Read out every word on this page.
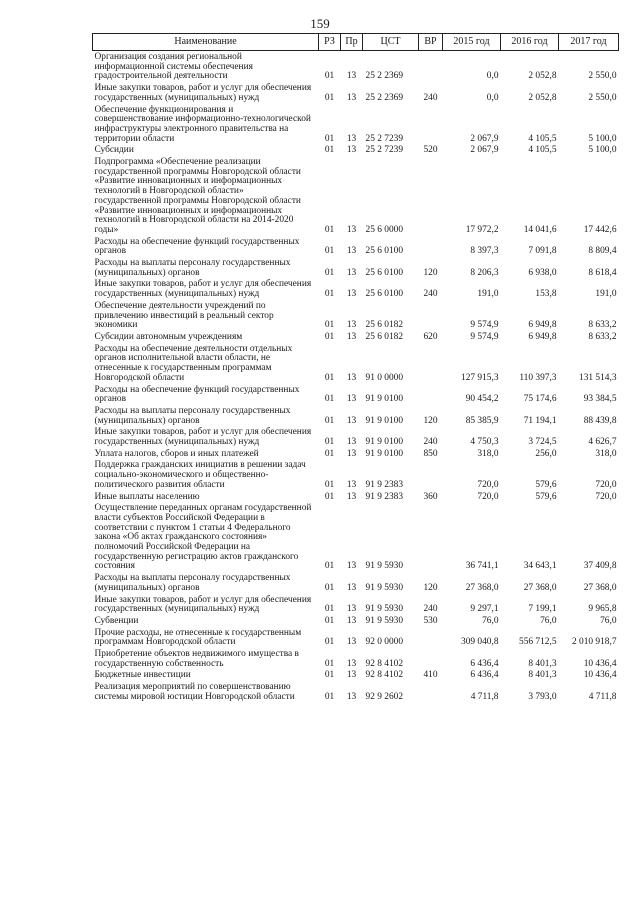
159
Наименование	РЗ	Пр	ЦСТ	ВР	2015 год	2016 год	2017 год
Организация создания региональной информационной системы обеспечения градостроительной деятельности	01	13	25 2 2369		0,0	2 052,8	2 550,0
Иные закупки товаров, работ и услуг для обеспечения государственных (муниципальных) нужд	01	13	25 2 2369	240	0,0	2 052,8	2 550,0
Обеспечение функционирования и совершенствование информационно-технологической инфраструктуры электронного правительства на территории области	01	13	25 2 7239		2 067,9	4 105,5	5 100,0
Субсидии	01	13	25 2 7239	520	2 067,9	4 105,5	5 100,0
Подпрограмма «Обеспечение реализации государственной программы Новгородской области «Развитие инновационных и информационных технологий в Новгородской области» государственной программы Новгородской области «Развитие инновационных и информационных технологий в Новгородской области на 2014-2020 годы»	01	13	25 6 0000		17 972,2	14 041,6	17 442,6
Расходы на обеспечение функций государственных органов	01	13	25 6 0100		8 397,3	7 091,8	8 809,4
Расходы на выплаты персоналу государственных (муниципальных) органов	01	13	25 6 0100	120	8 206,3	6 938,0	8 618,4
Иные закупки товаров, работ и услуг для обеспечения государственных (муниципальных) нужд	01	13	25 6 0100	240	191,0	153,8	191,0
Обеспечение деятельности учреждений по привлечению инвестиций в реальный сектор экономики	01	13	25 6 0182		9 574,9	6 949,8	8 633,2
Субсидии автономным учреждениям	01	13	25 6 0182	620	9 574,9	6 949,8	8 633,2
Расходы на обеспечение деятельности отдельных органов исполнительной власти области, не отнесенные к государственным программам Новгородской области	01	13	91 0 0000		127 915,3	110 397,3	131 514,3
Расходы на обеспечение функций государственных органов	01	13	91 9 0100		90 454,2	75 174,6	93 384,5
Расходы на выплаты персоналу государственных (муниципальных) органов	01	13	91 9 0100	120	85 385,9	71 194,1	88 439,8
Иные закупки товаров, работ и услуг для обеспечения государственных (муниципальных) нужд	01	13	91 9 0100	240	4 750,3	3 724,5	4 626,7
Уплата налогов, сборов и иных платежей	01	13	91 9 0100	850	318,0	256,0	318,0
Поддержка гражданских инициатив в решении задач социально-экономического и общественно-политического развития области	01	13	91 9 2383		720,0	579,6	720,0
Иные выплаты населению	01	13	91 9 2383	360	720,0	579,6	720,0
Осуществление переданных органам государственной власти субъектов Российской Федерации в соответствии с пунктом 1 статьи 4 Федерального закона «Об актах гражданского состояния» полномочий Российской Федерации на государственную регистрацию актов гражданского состояния	01	13	91 9 5930		36 741,1	34 643,1	37 409,8
Расходы на выплаты персоналу государственных (муниципальных) органов	01	13	91 9 5930	120	27 368,0	27 368,0	27 368,0
Иные закупки товаров, работ и услуг для обеспечения государственных (муниципальных) нужд	01	13	91 9 5930	240	9 297,1	7 199,1	9 965,8
Субвенции	01	13	91 9 5930	530	76,0	76,0	76,0
Прочие расходы, не отнесенные к государственным программам Новгородской области	01	13	92 0 0000		309 040,8	556 712,5	2 010 918,7
Приобретение объектов недвижимого имущества в государственную собственность	01	13	92 8 4102		6 436,4	8 401,3	10 436,4
Бюджетные инвестиции	01	13	92 8 4102	410	6 436,4	8 401,3	10 436,4
Реализация мероприятий по совершенствованию системы мировой юстиции Новгородской области	01	13	92 9 2602		4 711,8	3 793,0	4 711,8
